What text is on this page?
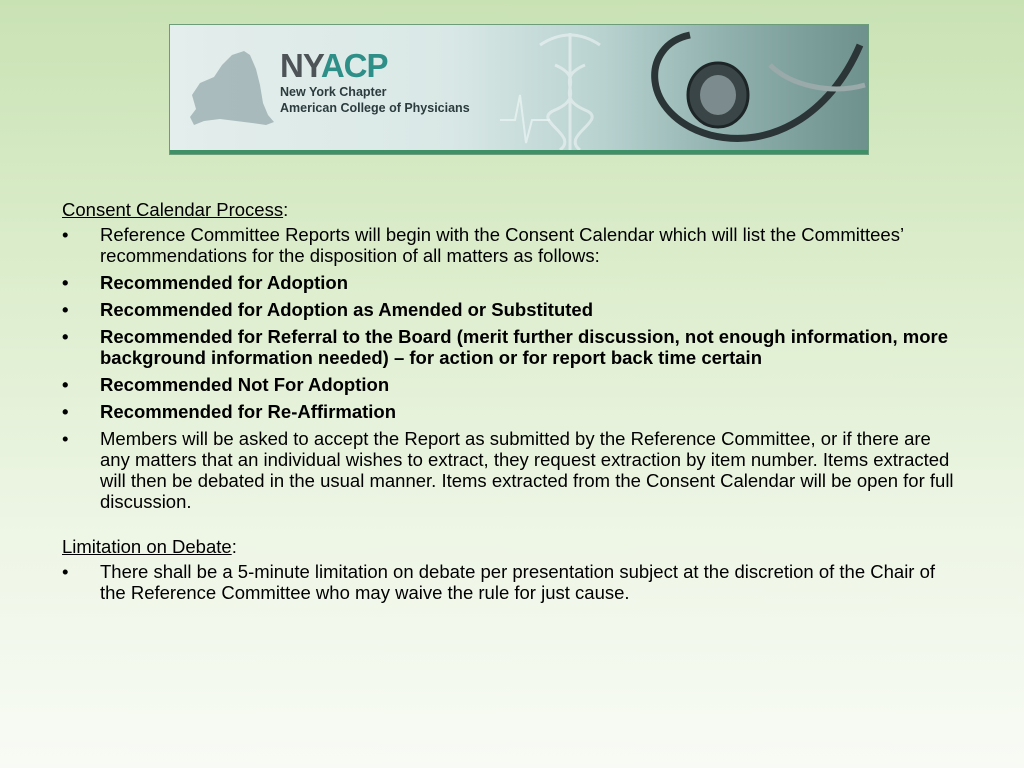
NYACP
New York Chapter
American College of Physicians
Consent Calendar Process:
•	Reference Committee Reports will begin with the Consent Calendar which will list the Committees’ recommendations for the disposition of all matters as follows:
•	Recommended for Adoption
•	Recommended for Adoption as Amended or Substituted
•	Recommended for Referral to the Board (merit further discussion, not enough information, more background information needed) – for action or for report back time certain
•	Recommended Not For Adoption
•	Recommended for Re-Affirmation
•	Members will be asked to accept the Report as submitted by the Reference Committee, or if there are any matters that an individual wishes to extract, they request extraction by item number. Items extracted will then be debated in the usual manner. Items extracted from the Consent Calendar will be open for full discussion.
Limitation on Debate:
•	There shall be a 5-minute limitation on debate per presentation subject at the discretion of the Chair of the Reference Committee who may waive the rule for just cause.
